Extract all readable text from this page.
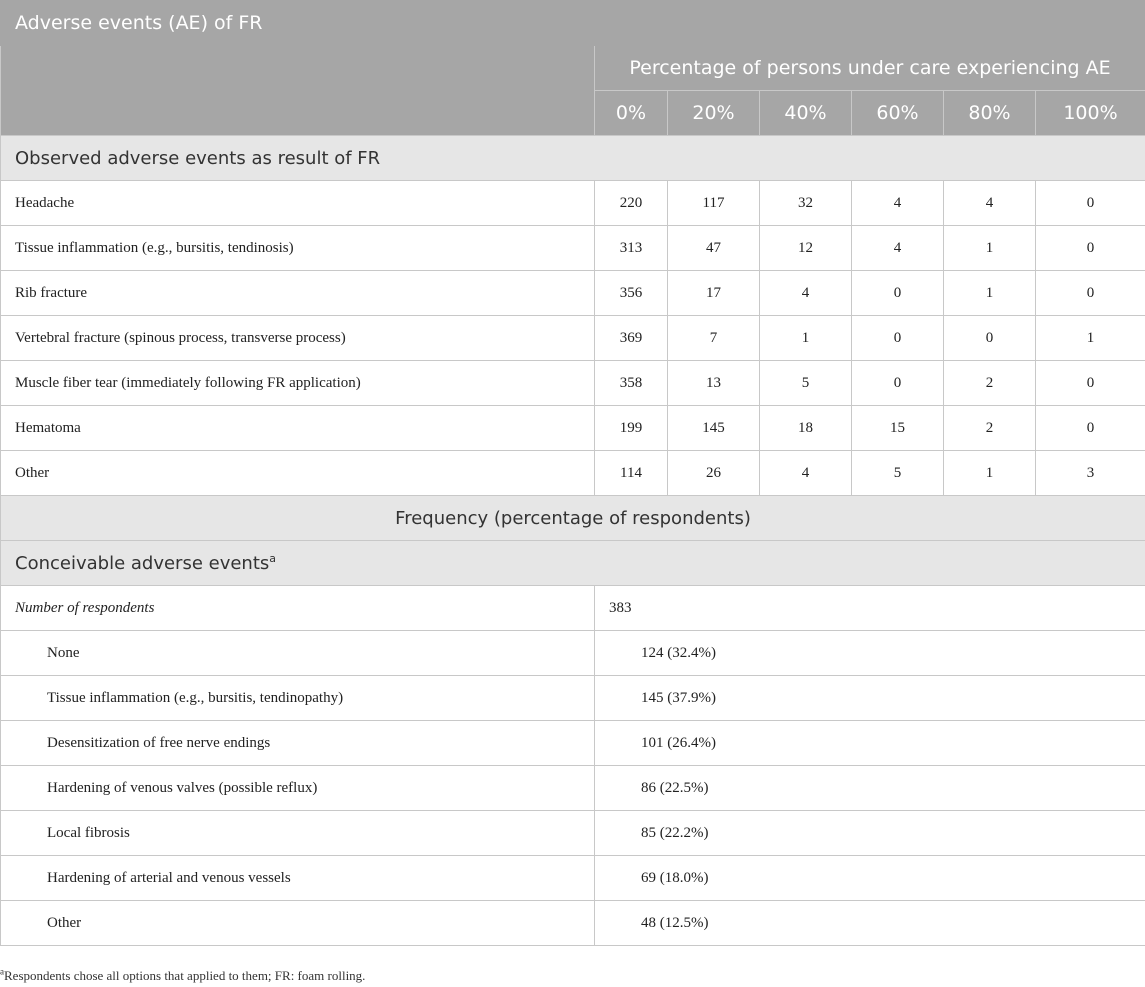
Adverse events (AE) of FR						
	Percentage of persons under care experiencing AE					
	0%	20%	40%	60%	80%	100%
Observed adverse events as result of FR						
Headache	220	117	32	4	4	0
Tissue inflammation (e.g., bursitis, tendinosis)	313	47	12	4	1	0
Rib fracture	356	17	4	0	1	0
Vertebral fracture (spinous process, transverse process)	369	7	1	0	0	1
Muscle fiber tear (immediately following FR application)	358	13	5	0	2	0
Hematoma	199	145	18	15	2	0
Other	114	26	4	5	1	3
Frequency (percentage of respondents)						
Conceivable adverse events$^a$
Number of respondents	383					
None	124 (32.4%)					
Tissue inflammation (e.g., bursitis, tendinopathy)	145 (37.9%)					
Desensitization of free nerve endings	101 (26.4%)					
Hardening of venous valves (possible reflux)	86 (22.5%)					
Local fibrosis	85 (22.2%)					
Hardening of arterial and venous vessels	69 (18.0%)					
Other	48 (12.5%)					
$^a$Respondents chose all options that applied to them; FR: foam rolling.
